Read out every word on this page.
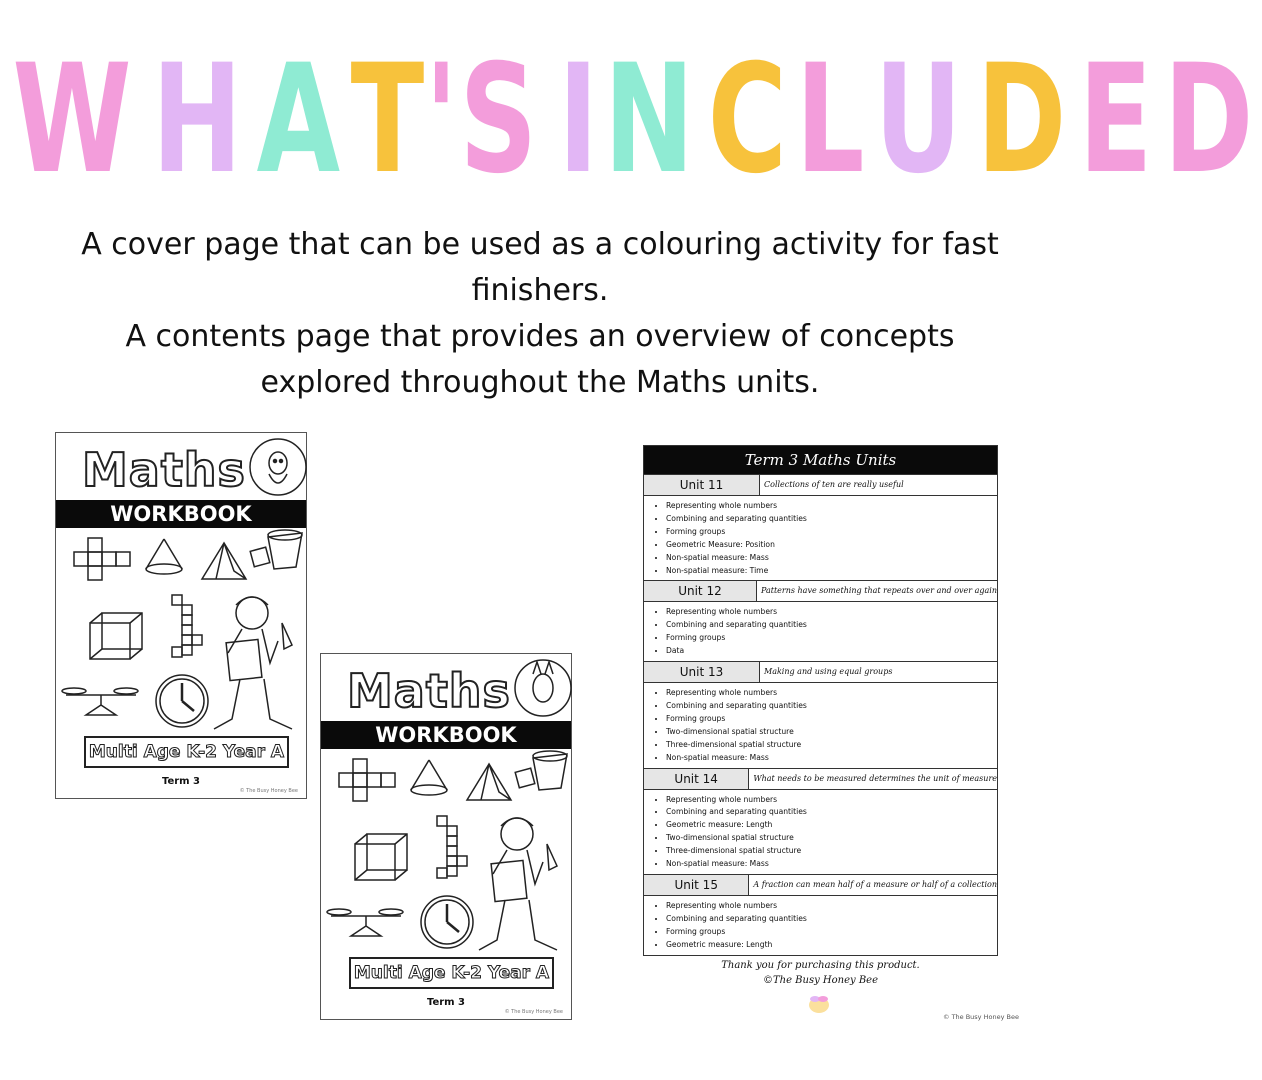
W HAT'S INCLUDED

A cover page that can be used as a colouring activity for fast finishers.

A contents page that provides an overview of concepts explored throughout the Maths units.

Maths
WORKBOOK
Multi Age K-2 Year A
Term 3
© The Busy Honey Bee
Maths
WORKBOOK
Multi Age K-2 Year A
Term 3
© The Busy Honey Bee
Term 3 Maths Units
Unit 11	Collections of ten are really useful
• Representing whole numbers
• Combining and separating quantities
• Forming groups
• Geometric Measure: Position
• Non-spatial measure: Mass
• Non-spatial measure: Time
Unit 12	Patterns have something that repeats over and over again
• Representing whole numbers
• Combining and separating quantities
• Forming groups
• Data
Unit 13	Making and using equal groups
• Representing whole numbers
• Combining and separating quantities
• Forming groups
• Two-dimensional spatial structure
• Three-dimensional spatial structure
• Non-spatial measure: Mass
Unit 14	What needs to be measured determines the unit of measure
• Representing whole numbers
• Combining and separating quantities
• Geometric measure: Length
• Two-dimensional spatial structure
• Three-dimensional spatial structure
• Non-spatial measure: Mass
Unit 15	A fraction can mean half of a measure or half of a collection
• Representing whole numbers
• Combining and separating quantities
• Forming groups
• Geometric measure: Length
Thank you for purchasing this product.
©The Busy Honey Bee
© The Busy Honey Bee
